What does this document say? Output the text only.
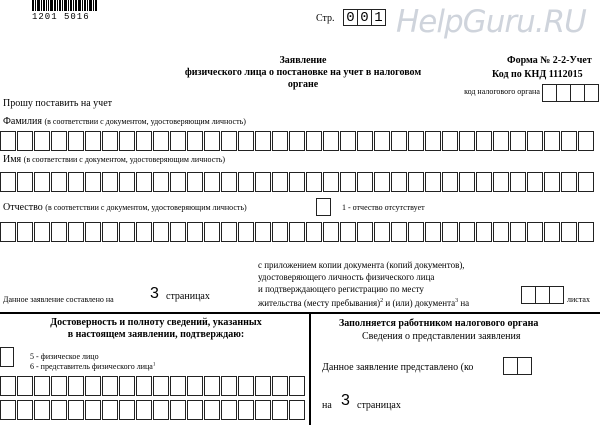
1201 5016	Стр. 0 0 1 HelpGuru.RU
Заявление
физического лица о постановке на учет в налоговом
органе
Форма № 2-2-Учет
Код по КНД 1112015
код налогового органа
Прошу поставить на учет
Фамилия (в соответствии с документом, удостоверяющим личность)
Имя (в соответствии с документом, удостоверяющим личность)
Отчество (в соответствии с документом, удостоверяющим личность)	1 - отчество отсутствует
с приложением копии документа (копий документов),
удостоверяющего личность физического лица
и подтверждающего регистрацию по месту
жительства (месту пребывания)$^2$ и (или) документа$^3$ на
Данное заявление составлено на 3 страницах	листах
Достоверность и полноту сведений, указанных
в настоящем заявлении, подтверждаю:
5 - физическое лицо
6 - представитель физического лица$^1$
Заполняется работником налогового органа
Сведения о представлении заявления
Данное заявление представлено (ко
на 3 страницах
